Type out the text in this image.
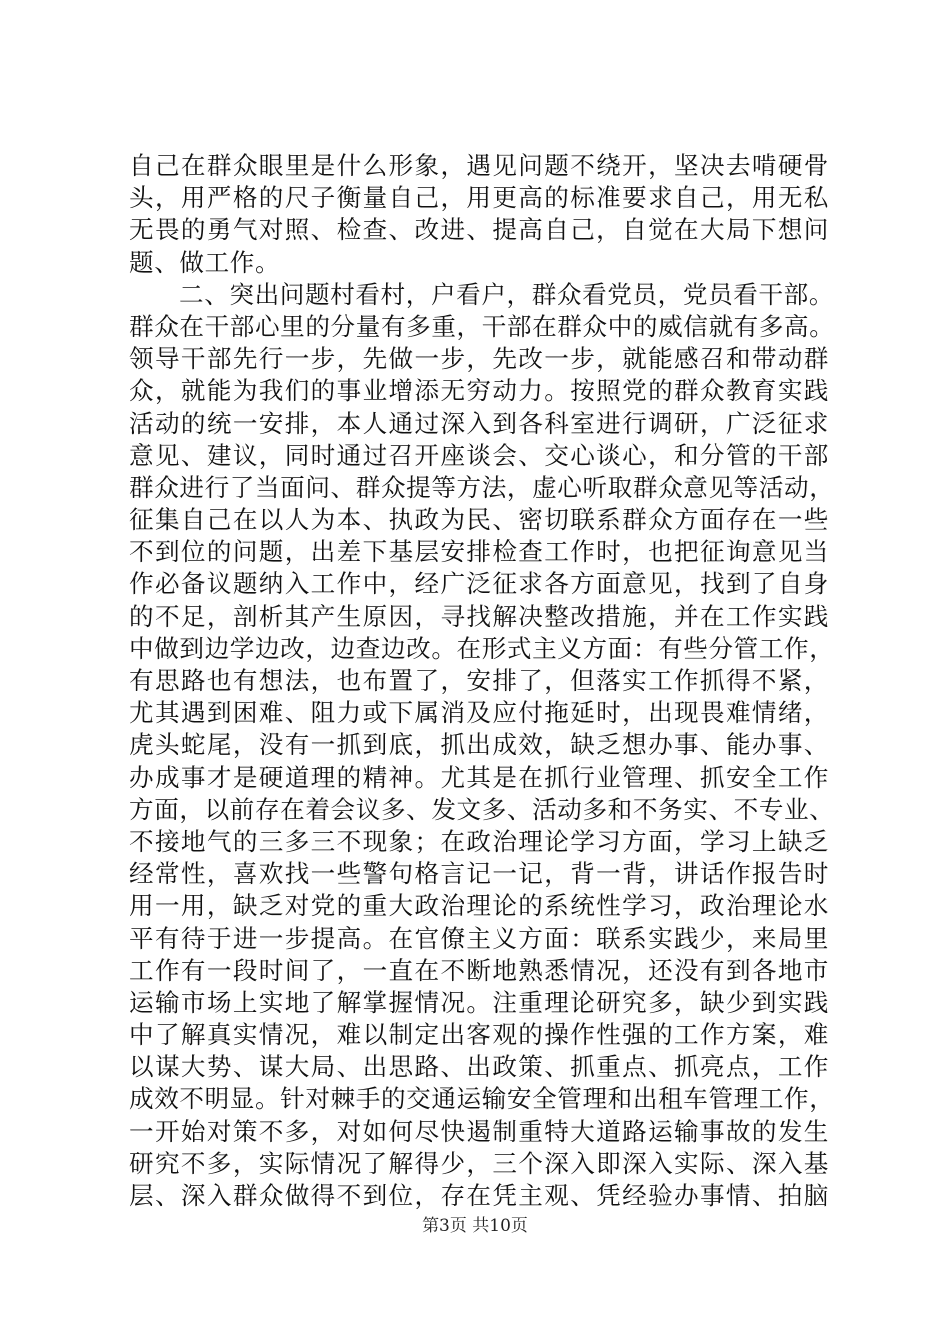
自己在群众眼里是什么形象，遇见问题不绕开，坚决去啃硬骨
头，用严格的尺子衡量自己，用更高的标准要求自己，用无私
无畏的勇气对照、检查、改进、提高自己，自觉在大局下想问
题、做工作。
二、突出问题村看村，户看户，群众看党员，党员看干部。
群众在干部心里的分量有多重，干部在群众中的威信就有多高。
领导干部先行一步，先做一步，先改一步，就能感召和带动群
众，就能为我们的事业增添无穷动力。按照党的群众教育实践
活动的统一安排，本人通过深入到各科室进行调研，广泛征求
意见、建议，同时通过召开座谈会、交心谈心，和分管的干部
群众进行了当面问、群众提等方法，虚心听取群众意见等活动，
征集自己在以人为本、执政为民、密切联系群众方面存在一些
不到位的问题，出差下基层安排检查工作时，也把征询意见当
作必备议题纳入工作中，经广泛征求各方面意见，找到了自身
的不足，剖析其产生原因，寻找解决整改措施，并在工作实践
中做到边学边改，边查边改。在形式主义方面：有些分管工作，
有思路也有想法，也布置了，安排了，但落实工作抓得不紧，
尤其遇到困难、阻力或下属消及应付拖延时，出现畏难情绪，
虎头蛇尾，没有一抓到底，抓出成效，缺乏想办事、能办事、
办成事才是硬道理的精神。尤其是在抓行业管理、抓安全工作
方面，以前存在着会议多、发文多、活动多和不务实、不专业、
不接地气的三多三不现象；在政治理论学习方面，学习上缺乏
经常性，喜欢找一些警句格言记一记，背一背，讲话作报告时
用一用，缺乏对党的重大政治理论的系统性学习，政治理论水
平有待于进一步提高。在官僚主义方面：联系实践少，来局里
工作有一段时间了，一直在不断地熟悉情况，还没有到各地市
运输市场上实地了解掌握情况。注重理论研究多，缺少到实践
中了解真实情况，难以制定出客观的操作性强的工作方案，难
以谋大势、谋大局、出思路、出政策、抓重点、抓亮点，工作
成效不明显。针对棘手的交通运输安全管理和出租车管理工作，
一开始对策不多，对如何尽快遏制重特大道路运输事故的发生
研究不多，实际情况了解得少，三个深入即深入实际、深入基
层、深入群众做得不到位，存在凭主观、凭经验办事情、拍脑
第3页 共10页
